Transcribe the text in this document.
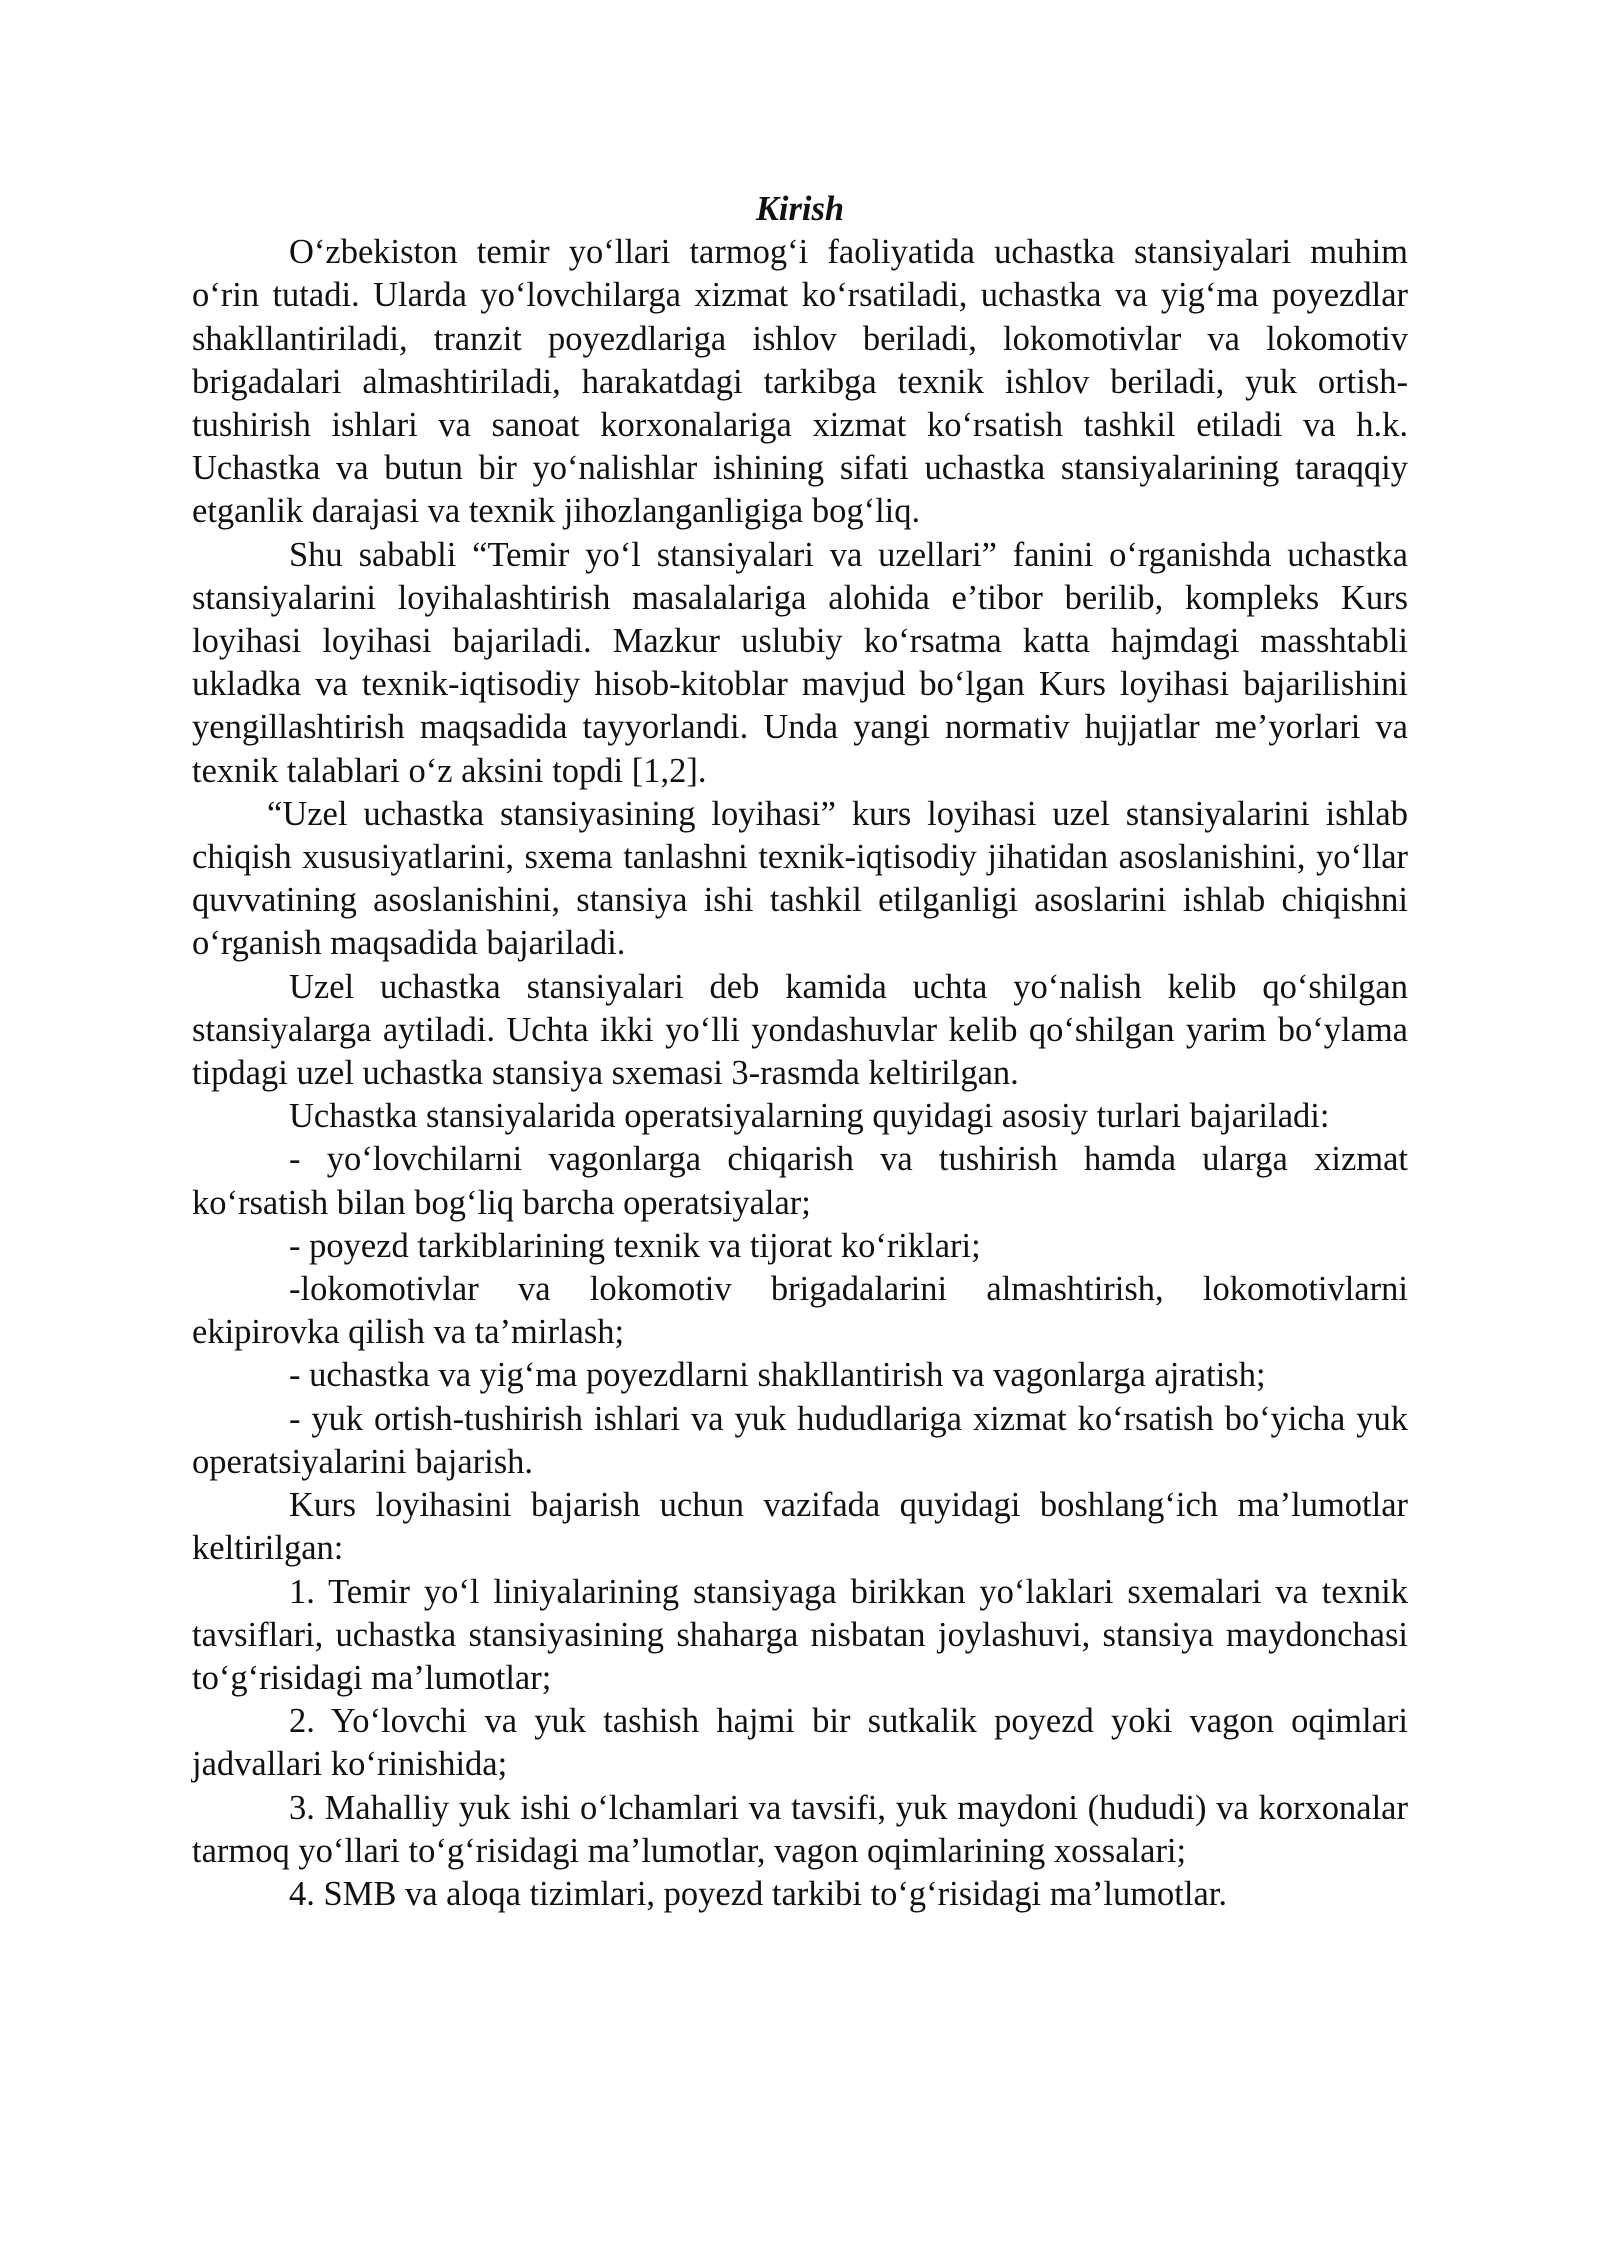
Kirish

O‘zbekiston temir yo‘llari tarmog‘i faoliyatida uchastka stansiyalari muhim o‘rin tutadi. Ularda yo‘lovchilarga xizmat ko‘rsatiladi, uchastka va yig‘ma poyezdlar shakllantiriladi, tranzit poyezdlariga ishlov beriladi, lokomotivlar va lokomotiv brigadalari almashtiriladi, harakatdagi tarkibga texnik ishlov beriladi, yuk ortish-tushirish ishlari va sanoat korxonalariga xizmat ko‘rsatish tashkil etiladi va h.k. Uchastka va butun bir yo‘nalishlar ishining sifati uchastka stansiyalarining taraqqiy etganlik darajasi va texnik jihozlanganligiga bog‘liq.

Shu sababli “Temir yo‘l stansiyalari va uzellari” fanini o‘rganishda uchastka stansiyalarini loyihalashtirish masalalariga alohida e’tibor berilib, kompleks Kurs loyihasi loyihasi bajariladi. Mazkur uslubiy ko‘rsatma katta hajmdagi masshtabli ukladka va texnik-iqtisodiy hisob-kitoblar mavjud bo‘lgan Kurs loyihasi bajarilishini yengillashtirish maqsadida tayyorlandi. Unda yangi normativ hujjatlar me’yorlari va texnik talablari o‘z aksini topdi [1,2].

“Uzel uchastka stansiyasining loyihasi” kurs loyihasi uzel stansiyalarini ishlab chiqish xususiyatlarini, sxema tanlashni texnik-iqtisodiy jihatidan asoslanishini, yo‘llar quvvatining asoslanishini, stansiya ishi tashkil etilganligi asoslarini ishlab chiqishni o‘rganish maqsadida bajariladi.

Uzel uchastka stansiyalari deb kamida uchta yo‘nalish kelib qo‘shilgan stansiyalarga aytiladi. Uchta ikki yo‘lli yondashuvlar kelib qo‘shilgan yarim bo‘ylama tipdagi uzel uchastka stansiya sxemasi 3-rasmda keltirilgan.

Uchastka stansiyalarida operatsiyalarning quyidagi asosiy turlari bajariladi:

- yo‘lovchilarni vagonlarga chiqarish va tushirish hamda ularga xizmat ko‘rsatish bilan bog‘liq barcha operatsiyalar;

- poyezd tarkiblarining texnik va tijorat ko‘riklari;

-lokomotivlar va lokomotiv brigadalarini almashtirish, lokomotivlarni ekipirovka qilish va ta’mirlash;

- uchastka va yig‘ma poyezdlarni shakllantirish va vagonlarga ajratish;

- yuk ortish-tushirish ishlari va yuk hududlariga xizmat ko‘rsatish bo‘yicha yuk operatsiyalarini bajarish.

Kurs loyihasini bajarish uchun vazifada quyidagi boshlang‘ich ma’lumotlar keltirilgan:

1. Temir yo‘l liniyalarining stansiyaga birikkan yo‘laklari sxemalari va texnik tavsiflari, uchastka stansiyasining shaharga nisbatan joylashuvi, stansiya maydonchasi to‘g‘risidagi ma’lumotlar;

2. Yo‘lovchi va yuk tashish hajmi bir sutkalik poyezd yoki vagon oqimlari jadvallari ko‘rinishida;

3. Mahalliy yuk ishi o‘lchamlari va tavsifi, yuk maydoni (hududi) va korxonalar tarmoq yo‘llari to‘g‘risidagi ma’lumotlar, vagon oqimlarining xossalari;

4. SMB va aloqa tizimlari, poyezd tarkibi to‘g‘risidagi ma’lumotlar.
